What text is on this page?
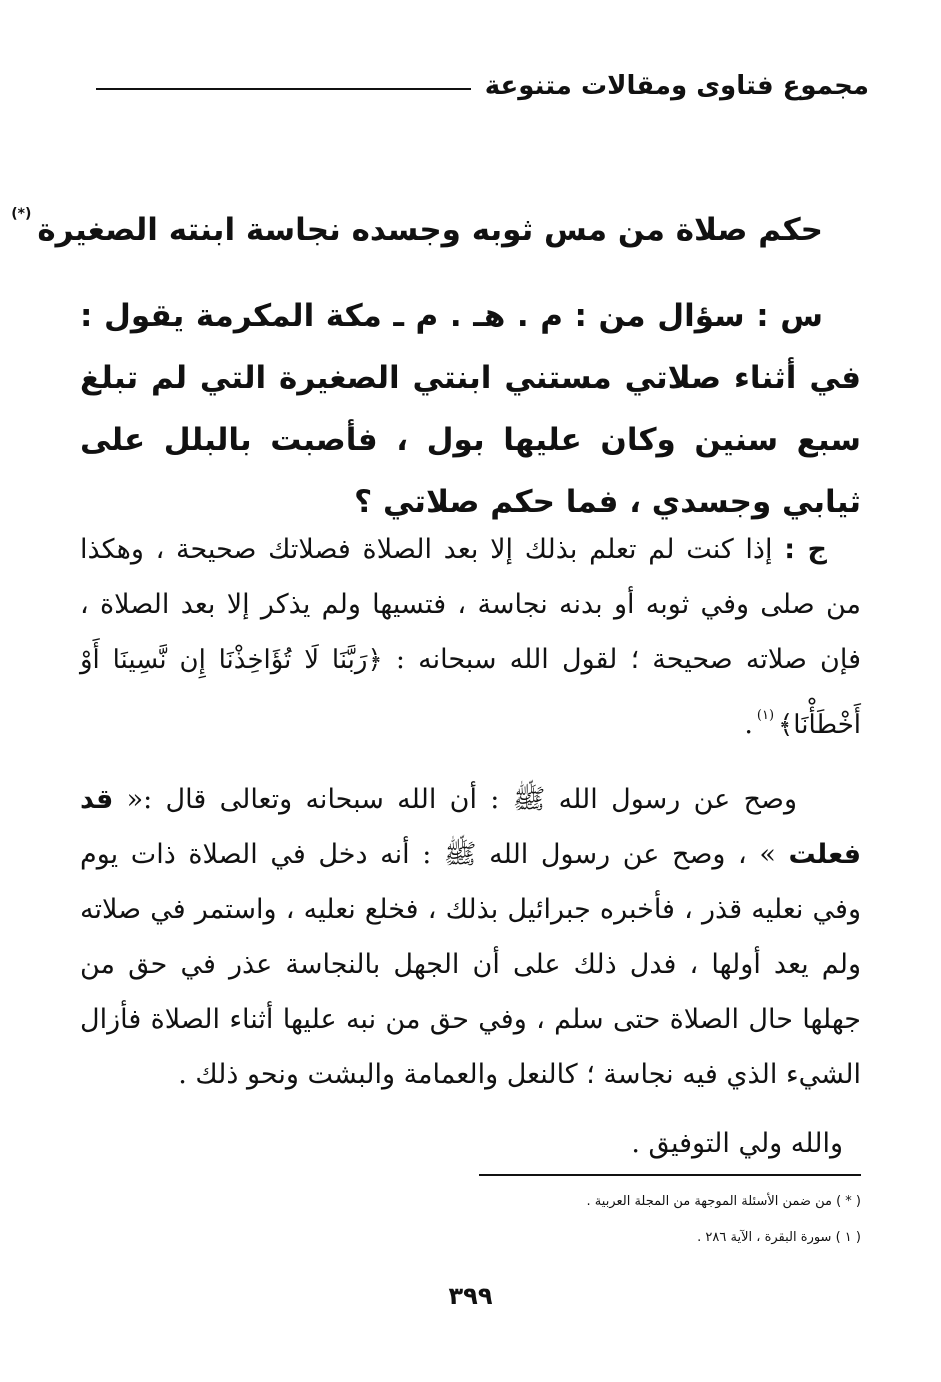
مجموع فتاوى ومقالات متنوعة
حكم صلاة من مس ثوبه وجسده نجاسة ابنته الصغيرة(*)
س : سؤال من : م . هـ . م ـ مكة المكرمة يقول : في أثناء صلاتي مستني ابنتي الصغيرة التي لم تبلغ سبع سنين وكان عليها بول ، فأصبت بالبلل على ثيابي وجسدي ، فما حكم صلاتي ؟
ج : إذا كنت لم تعلم بذلك إلا بعد الصلاة فصلاتك صحيحة ، وهكذا من صلى وفي ثوبه أو بدنه نجاسة ، فتسيها ولم يذكر إلا بعد الصلاة ، فإن صلاته صحيحة ؛ لقول الله سبحانه : ﴿رَبَّنَا لَا تُؤَاخِذْنَا إِن نَّسِينَا أَوْ أَخْطَأْنَا﴾$^{(١)}$.
وصح عن رسول الله ﷺ : أن الله سبحانه وتعالى قال :« قد فعلت » ، وصح عن رسول الله ﷺ : أنه دخل في الصلاة ذات يوم وفي نعليه قذر ، فأخبره جبرائيل بذلك ، فخلع نعليه ، واستمر في صلاته ولم يعد أولها ، فدل ذلك على أن الجهل بالنجاسة عذر في حق من جهلها حال الصلاة حتى سلم ، وفي حق من نبه عليها أثناء الصلاة فأزال الشيء الذي فيه نجاسة ؛ كالنعل والعمامة والبشت ونحو ذلك .
والله ولي التوفيق .
( * ) من ضمن الأسئلة الموجهة من المجلة العربية .
( ١ ) سورة البقرة ، الآية ٢٨٦ .
٣٩٩
